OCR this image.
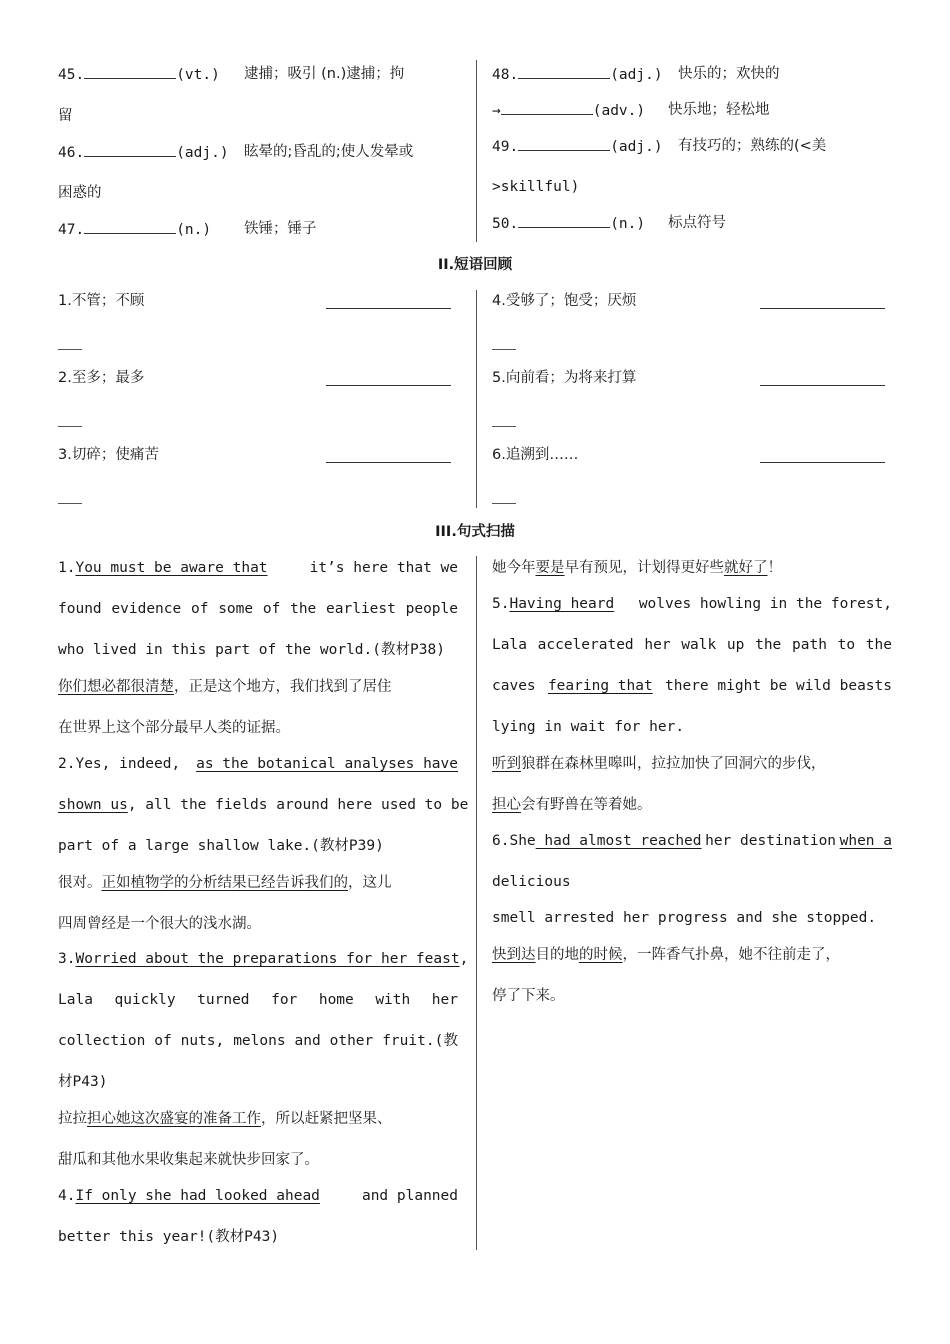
45.	(vt.) 逮捕；吸引 (n.)逮捕；拘
留
46.	(adj.) 眩晕的;昏乱的;使人发晕或
困惑的
47.	(n.) 铁锤；锤子
48.	(adj.) 快乐的；欢快的
→	(adv.) 快乐地；轻松地
49.	(adj.) 有技巧的；熟练的(<美
>skillful)
50.	(n.) 标点符号
II.短语回顾
1.不管；不顾
2.至多；最多
3.切碎；使痛苦
4.受够了；饱受；厌烦
5.向前看；为将来打算
6.追溯到……
III.句式扫描
1.You must be aware that	it’s here that we
found evidence of some of the earliest people
who lived in this part of the world.(教材P38)
你们想必都很清楚，正是这个地方，我们找到了居住
在世界上这个部分最早人类的证据。
2.Yes, indeed, as the botanical analyses have
shown us, all the fields around here used to be
part of a large shallow lake.(教材P39)
很对。正如植物学的分析结果已经告诉我们的，这儿
四周曾经是一个很大的浅水湖。
3.Worried about the preparations for her feast,
Lala quickly turned for home with her
collection of nuts, melons and other fruit.(教
材P43)
拉拉担心她这次盛宴的准备工作，所以赶紧把坚果、
甜瓜和其他水果收集起来就快步回家了。
4.If only she had looked ahead	and planned
better this year!(教材P43)
她今年要是早有预见，计划得更好些就好了！
5.Having heard wolves howling in the forest,
Lala accelerated her walk up the path to the
caves fearing that there might be wild beasts
lying in wait for her.
听到狼群在森林里嗥叫，拉拉加快了回洞穴的步伐，
担心会有野兽在等着她。
6.She had almost reached her destination when a
delicious
smell arrested her progress and she stopped.
快到达目的地的时候，一阵香气扑鼻，她不往前走了，
停了下来。
